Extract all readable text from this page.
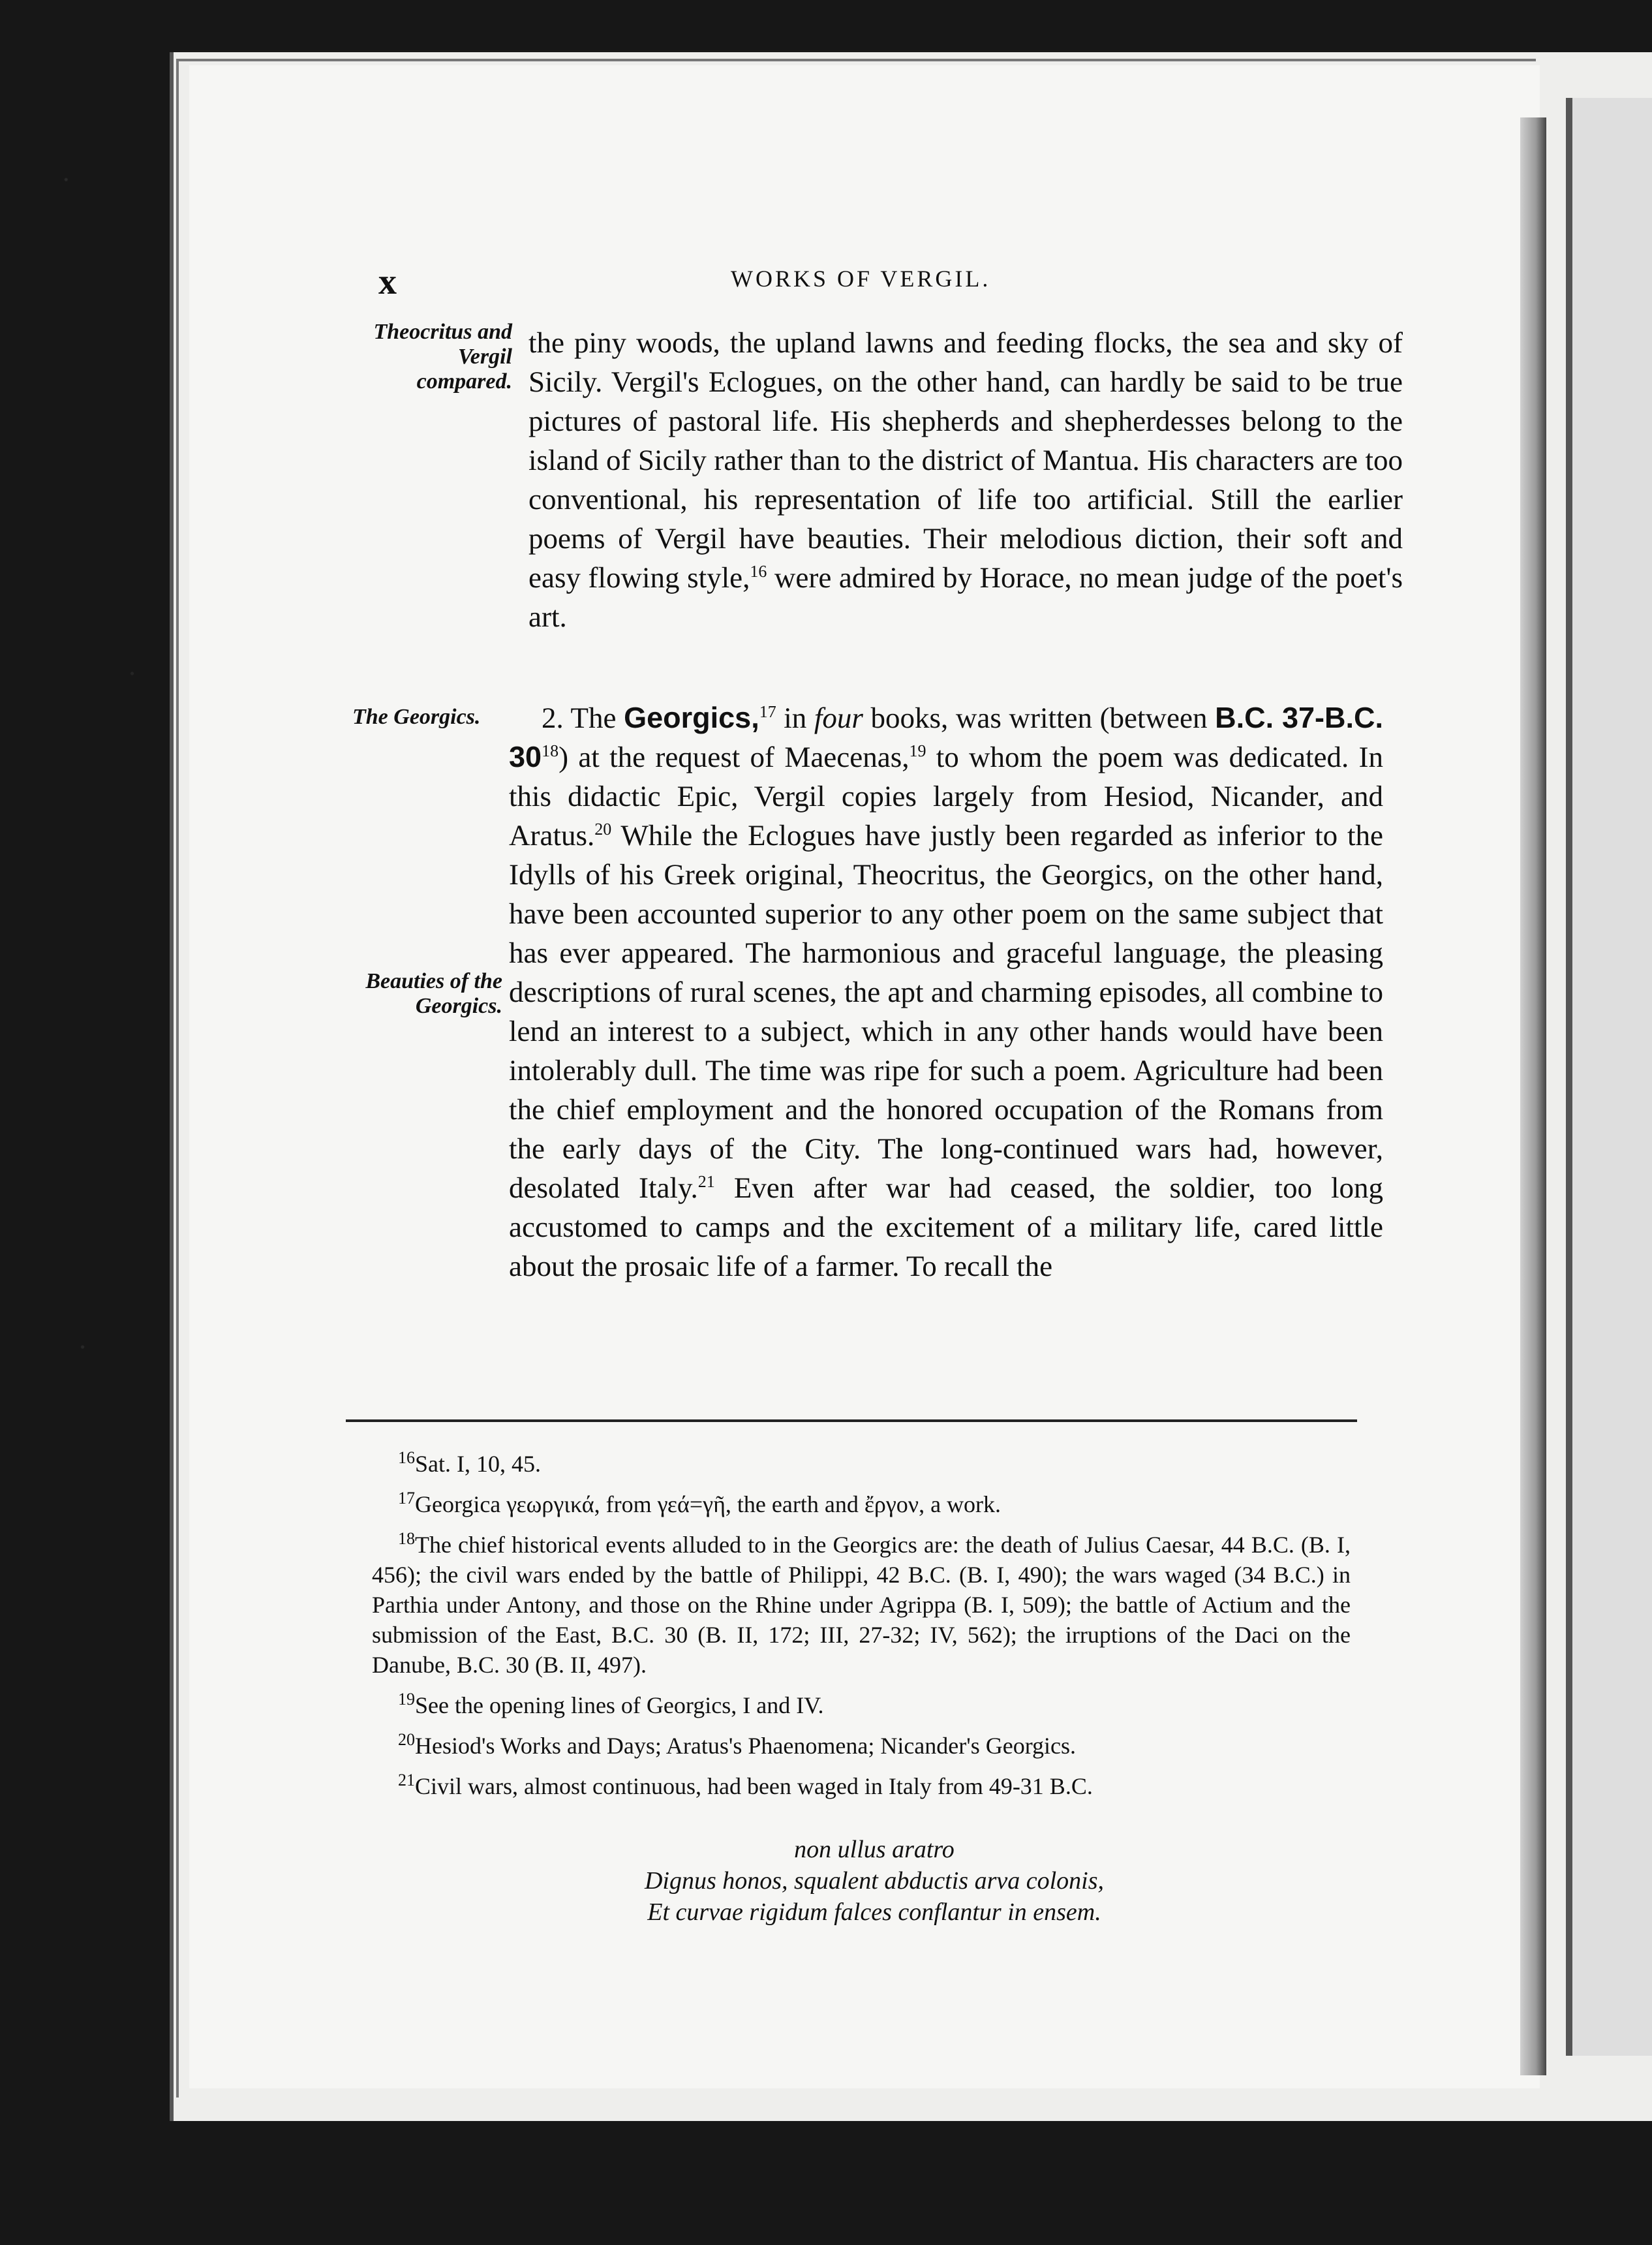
x	WORKS OF VERGIL.
Theocritus and Vergil compared.
The Georgics.
Beauties of the Georgics.

the piny woods, the upland lawns and feeding flocks, the sea and sky of Sicily. Vergil's Eclogues, on the other hand, can hardly be said to be true pictures of pastoral life. His shepherds and shepherdesses belong to the island of Sicily rather than to the district of Mantua. His characters are too conventional, his representation of life too artificial. Still the earlier poems of Vergil have beauties. Their melodious diction, their soft and easy flowing style,$^{16}$ were admired by Horace, no mean judge of the poet's art.

2. The Georgics,$^{17}$ in four books, was written (between B.C. 37-B.C. $30^{18}$) at the request of Maecenas,$^{19}$ to whom the poem was dedicated. In this didactic Epic, Vergil copies largely from Hesiod, Nicander, and Aratus.$^{20}$ While the Eclogues have justly been regarded as inferior to the Idylls of his Greek original, Theocritus, the Georgics, on the other hand, have been accounted superior to any other poem on the same subject that has ever appeared. The harmonious and graceful language, the pleasing descriptions of rural scenes, the apt and charming episodes, all combine to lend an interest to a subject, which in any other hands would have been intolerably dull. The time was ripe for such a poem. Agriculture had been the chief employment and the honored occupation of the Romans from the early days of the City. The long-continued wars had, however, desolated Italy.$^{21}$ Even after war had ceased, the soldier, too long accustomed to camps and the excitement of a military life, cared little about the prosaic life of a farmer. To recall the

$^{16}$Sat. I, 10, 45.

$^{17}$Georgica γεωργικά, from γεά=γῆ, the earth and ἔργον, a work.

$^{18}$The chief historical events alluded to in the Georgics are: the death of Julius Caesar, 44 B.C. (B. I, 456); the civil wars ended by the battle of Philippi, 42 B.C. (B. I, 490); the wars waged (34 B.C.) in Parthia under Antony, and those on the Rhine under Agrippa (B. I, 509); the battle of Actium and the submission of the East, B.C. 30 (B. II, 172; III, 27-32; IV, 562); the irruptions of the Daci on the Danube, B.C. 30 (B. II, 497).

$^{19}$See the opening lines of Georgics, I and IV.

$^{20}$Hesiod's Works and Days; Aratus's Phaenomena; Nicander's Georgics.

$^{21}$Civil wars, almost continuous, had been waged in Italy from 49-31 B.C.

non ullus aratro
Dignus honos, squalent abductis arva colonis,
Et curvae rigidum falces conflantur in ensem.
